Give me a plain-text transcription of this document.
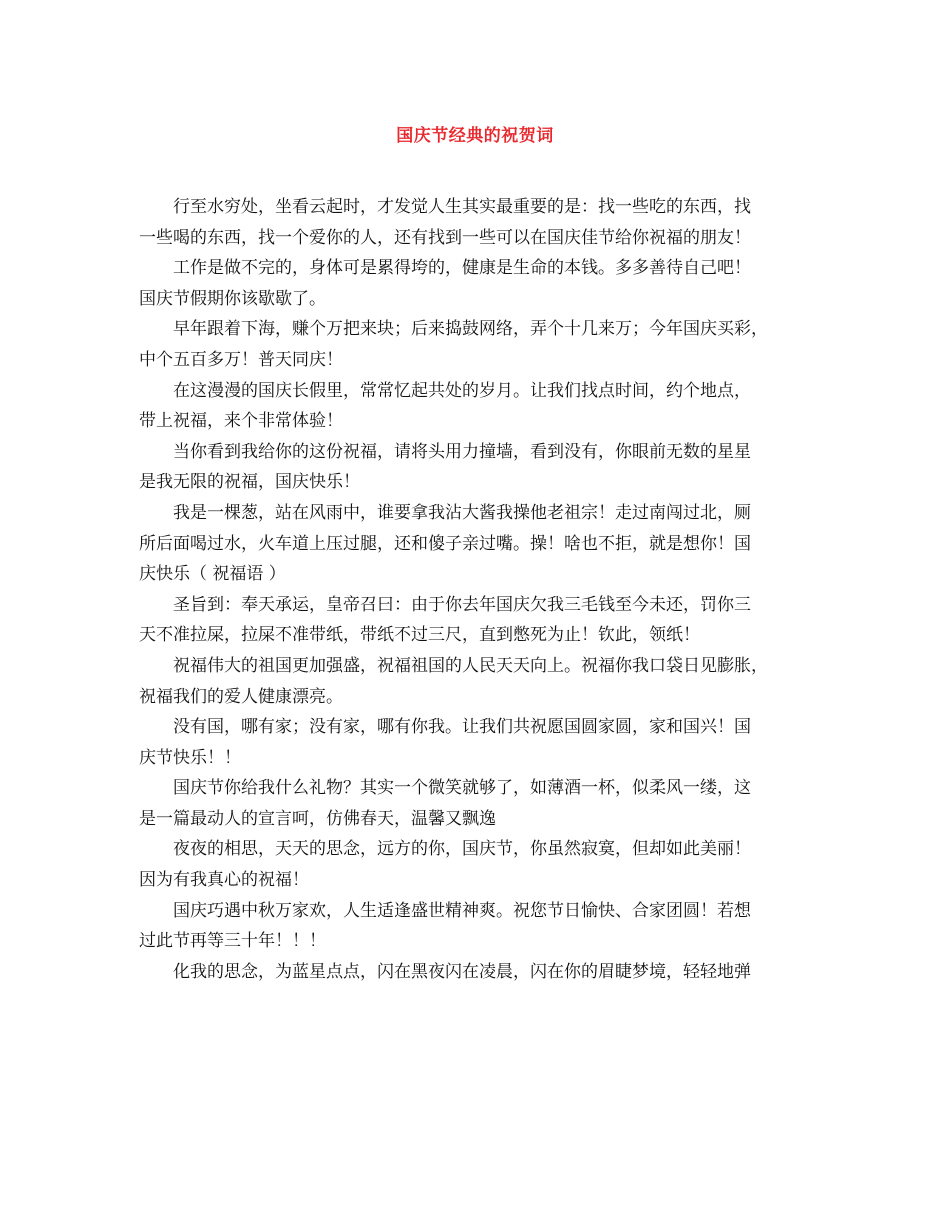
国庆节经典的祝贺词

行至水穷处，坐看云起时，才发觉人生其实最重要的是：找一些吃的东西，找
一些喝的东西，找一个爱你的人，还有找到一些可以在国庆佳节给你祝福的朋友！

工作是做不完的，身体可是累得垮的，健康是生命的本钱。多多善待自己吧！
国庆节假期你该歇歇了。

早年跟着下海，赚个万把来块；后来捣鼓网络，弄个十几来万；今年国庆买彩，
中个五百多万！普天同庆！

在这漫漫的国庆长假里，常常忆起共处的岁月。让我们找点时间，约个地点，
带上祝福，来个非常体验！

当你看到我给你的这份祝福，请将头用力撞墙，看到没有，你眼前无数的星星
是我无限的祝福，国庆快乐！

我是一棵葱，站在风雨中，谁要拿我沾大酱我操他老祖宗！走过南闯过北，厕
所后面喝过水，火车道上压过腿，还和傻子亲过嘴。操！啥也不拒，就是想你！国
庆快乐（ 祝福语 ）

圣旨到：奉天承运，皇帝召曰：由于你去年国庆欠我三毛钱至今未还，罚你三
天不准拉屎，拉屎不准带纸，带纸不过三尺，直到憋死为止！钦此，领纸！

祝福伟大的祖国更加强盛，祝福祖国的人民天天向上。祝福你我口袋日见膨胀，
祝福我们的爱人健康漂亮。

没有国，哪有家；没有家，哪有你我。让我们共祝愿国圆家圆，家和国兴！国
庆节快乐！！

国庆节你给我什么礼物？其实一个微笑就够了，如薄酒一杯，似柔风一缕，这
是一篇最动人的宣言呵，仿佛春天，温馨又飘逸

夜夜的相思，天天的思念，远方的你，国庆节，你虽然寂寞，但却如此美丽！
因为有我真心的祝福！

国庆巧遇中秋万家欢，人生适逢盛世精神爽。祝您节日愉快、合家团圆！若想
过此节再等三十年！！！

化我的思念，为蓝星点点，闪在黑夜闪在凌晨，闪在你的眉睫梦境，轻轻地弹
